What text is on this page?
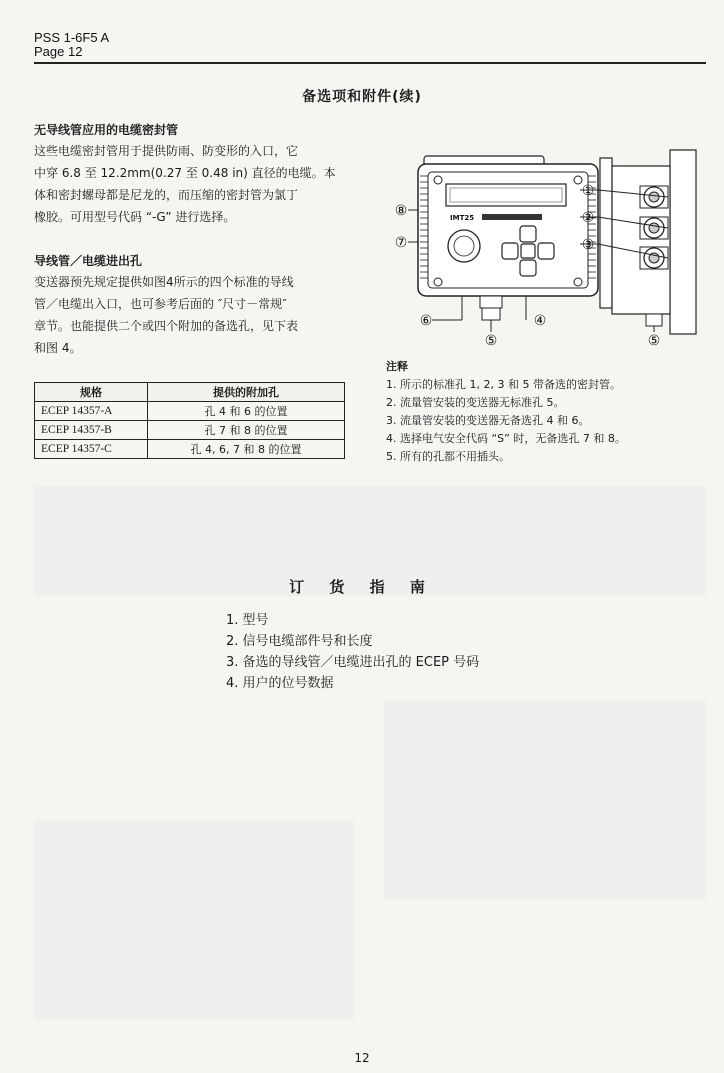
PSS 1-6F5 A
Page 12
备选项和附件(续)
无导线管应用的电缆密封管
这些电缆密封管用于提供防雨、防变形的入口，它
中穿 6.8 至 12.2mm(0.27 至 0.48 in) 直径的电缆。本
体和密封螺母都是尼龙的，而压缩的密封管为氯丁
橡胶。可用型号代码 “-G” 进行选择。
导线管／电缆进出孔
变送器预先规定提供如图4所示的四个标准的导线
管／电缆出入口，也可参考后面的 ″尺寸－常规″
章节。也能提供二个或四个附加的备选孔，见下表
和图 4。
规格	提供的附加孔
ECEP 14357-A	孔 4 和 6 的位置
ECEP 14357-B	孔 7 和 8 的位置
ECEP 14357-C	孔 4, 6, 7 和 8 的位置
IMT25
①
②
③
④
⑤	⑤
⑥
⑦
⑧
注释
1. 所示的标准孔 1, 2, 3 和 5 带备选的密封管。
2. 流量管安装的变送器无标准孔 5。
3. 流量管安装的变送器无备选孔 4 和 6。
4. 选择电气安全代码 “S” 时，无备选孔 7 和 8。
5. 所有的孔都不用插头。
订 货 指 南
1. 型号
2. 信号电缆部件号和长度
3. 备选的导线管／电缆进出孔的 ECEP 号码
4. 用户的位号数据
12
